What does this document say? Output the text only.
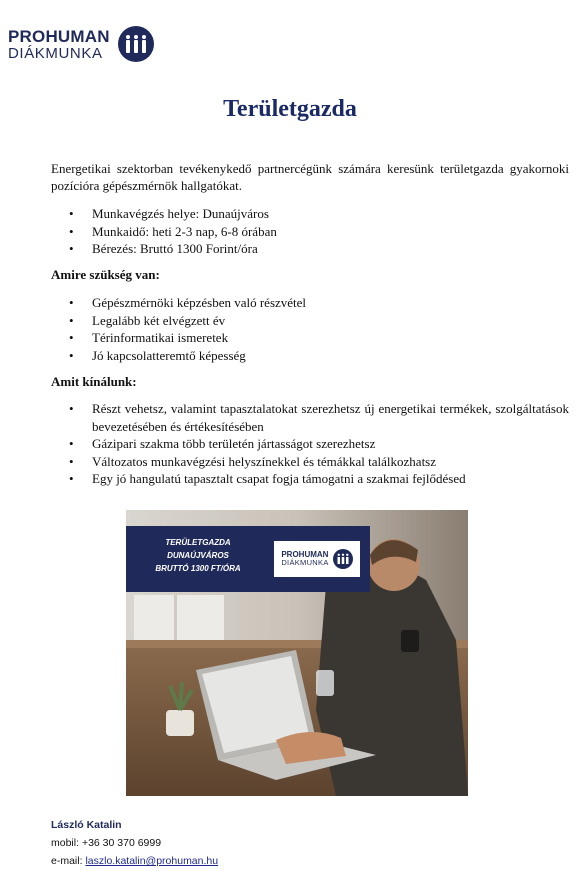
PROHUMAN
DIÁKMUNKA
Területgazda
Energetikai szektorban tevékenykedő partnercégünk számára keresünk területgazda gyakornoki pozícióra gépészmérnök hallgatókat.
• Munkavégzés helye: Dunaújváros
• Munkaidő: heti 2-3 nap, 6-8 órában
• Bérezés: Bruttó 1300 Forint/óra
Amire szükség van:
• Gépészmérnöki képzésben való részvétel
• Legalább két elvégzett év
• Térinformatikai ismeretek
• Jó kapcsolatteremtő képesség
Amit kínálunk:
• Részt vehetsz, valamint tapasztalatokat szerezhetsz új energetikai termékek, szolgáltatások bevezetésében és értékesítésében
• Gázipari szakma több területén jártasságot szerezhetsz
• Változatos munkavégzési helyszínekkel és témákkal találkozhatsz
• Egy jó hangulatú tapasztalt csapat fogja támogatni a szakmai fejlődésed
TERÜLETGAZDA
DUNAÚJVÁROS
BRUTTÓ 1300 FT/ÓRA
PROHUMAN
DIÁKMUNKA
László Katalin
mobil: +36 30 370 6999
e-mail: laszlo.katalin@prohuman.hu
